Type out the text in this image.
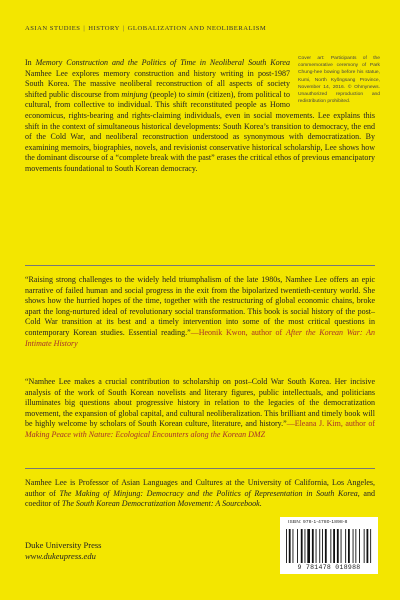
ASIAN STUDIES | HISTORY | GLOBALIZATION AND NEOLIBERALISM

Cover art: Participants of the commemorative ceremony of Park Chung-hee bowing before his statue, Kumi, North Kyŏngsang Province, November 14, 2016. © Ohmynews. Unauthorized reproduction and redistribution prohibited.
In Memory Construction and the Politics of Time in Neoliberal South Korea Namhee Lee explores memory construction and history writing in post-1987 South Korea. The massive neoliberal reconstruction of all aspects of society shifted public discourse from minjung (people) to simin (citizen), from political to cultural, from collective to individual. This shift reconstituted people as Homo economicus, rights-bearing and rights-claiming individuals, even in social movements. Lee explains this shift in the context of simultaneous historical developments: South Korea’s transition to democracy, the end of the Cold War, and neoliberal reconstruction understood as synonymous with democratization. By examining memoirs, biographies, novels, and revisionist conservative historical scholarship, Lee shows how the dominant discourse of a “complete break with the past” erases the critical ethos of previous emancipatory movements foundational to South Korean democracy.

“Raising strong challenges to the widely held triumphalism of the late 1980s, Namhee Lee offers an epic narrative of failed human and social progress in the exit from the bipolarized twentieth-century world. She shows how the hurried hopes of the time, together with the restructuring of global economic chains, broke apart the long-nurtured ideal of revolutionary social transformation. This book is social history of the post–Cold War transition at its best and a timely intervention into some of the most critical questions in contemporary Korean studies. Essential reading.”—Heonik Kwon, author of After the Korean War: An Intimate History

“Namhee Lee makes a crucial contribution to scholarship on post–Cold War South Korea. Her incisive analysis of the work of South Korean novelists and literary figures, public intellectuals, and politicians illuminates big questions about progressive history in relation to the legacies of the democratization movement, the expansion of global capital, and cultural neoliberalization. This brilliant and timely book will be highly welcome by scholars of South Korean culture, literature, and history.”—Eleana J. Kim, author of Making Peace with Nature: Ecological Encounters along the Korean DMZ

Namhee Lee is Professor of Asian Languages and Cultures at the University of California, Los Angeles, author of The Making of Minjung: Democracy and the Politics of Representation in South Korea, and coeditor of The South Korean Democratization Movement: A Sourcebook.

Duke University Press
www.dukeupress.edu
ISBN: 978-1-4780-1898-8
9 781478 018988
